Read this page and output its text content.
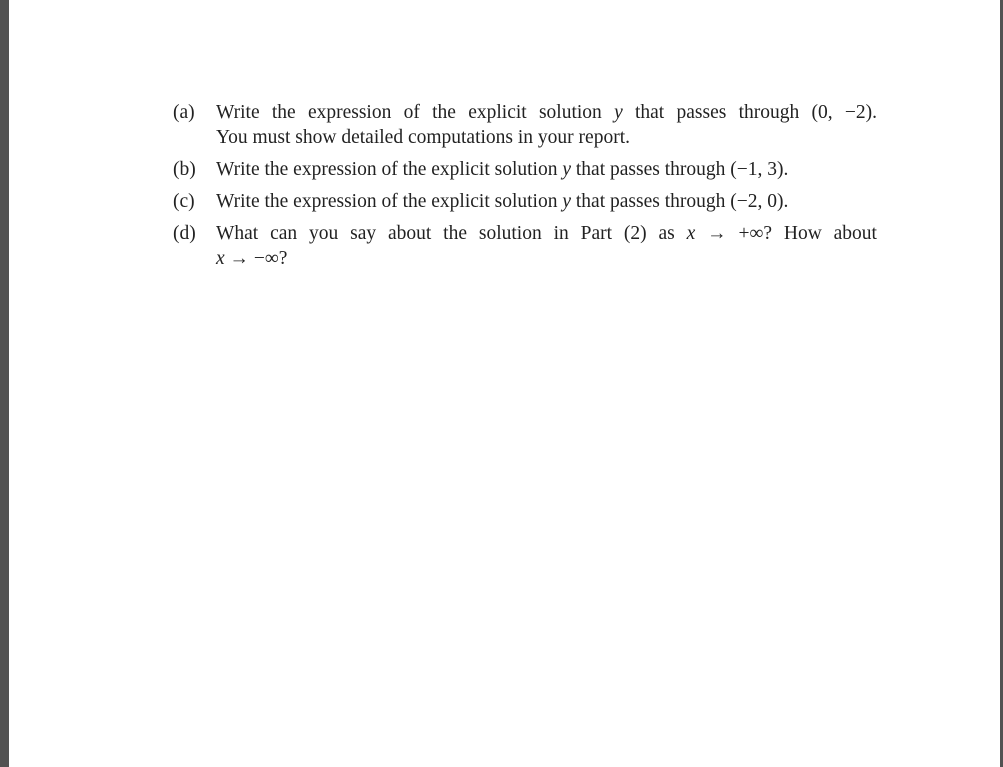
(a) Write the expression of the explicit solution y that passes through (0, −2).
You must show detailed computations in your report.
(b) Write the expression of the explicit solution y that passes through (−1, 3).
(c) Write the expression of the explicit solution y that passes through (−2, 0).
(d) What can you say about the solution in Part (2) as x → +∞? How about
x → −∞?
